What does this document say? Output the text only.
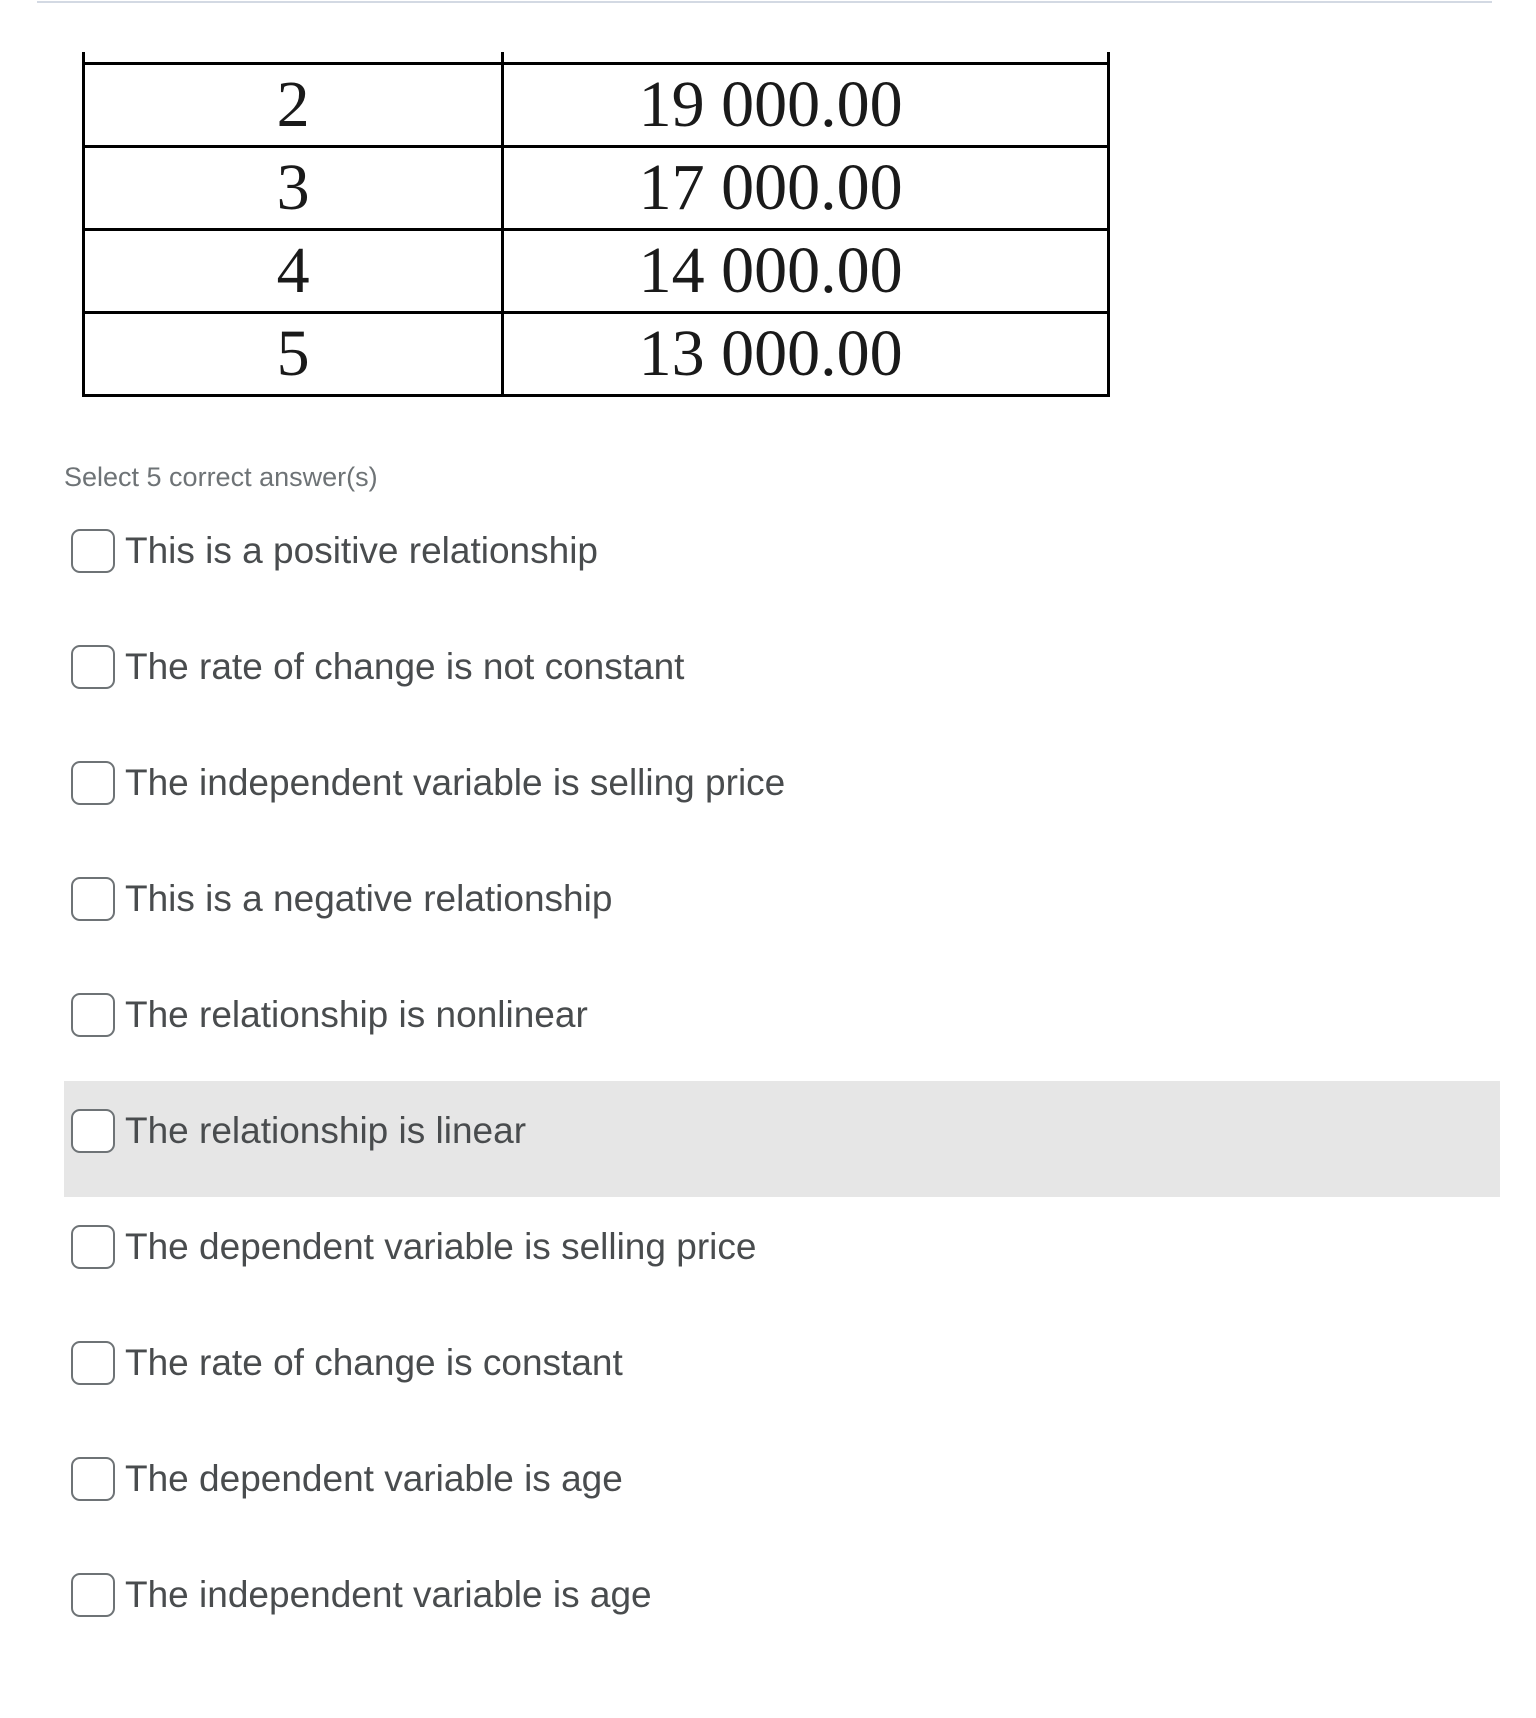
2	19 000.00
3	17 000.00
4	14 000.00
5	13 000.00
Select 5 correct answer(s)
This is a positive relationship
The rate of change is not constant
The independent variable is selling price
This is a negative relationship
The relationship is nonlinear
The relationship is linear
The dependent variable is selling price
The rate of change is constant
The dependent variable is age
The independent variable is age
